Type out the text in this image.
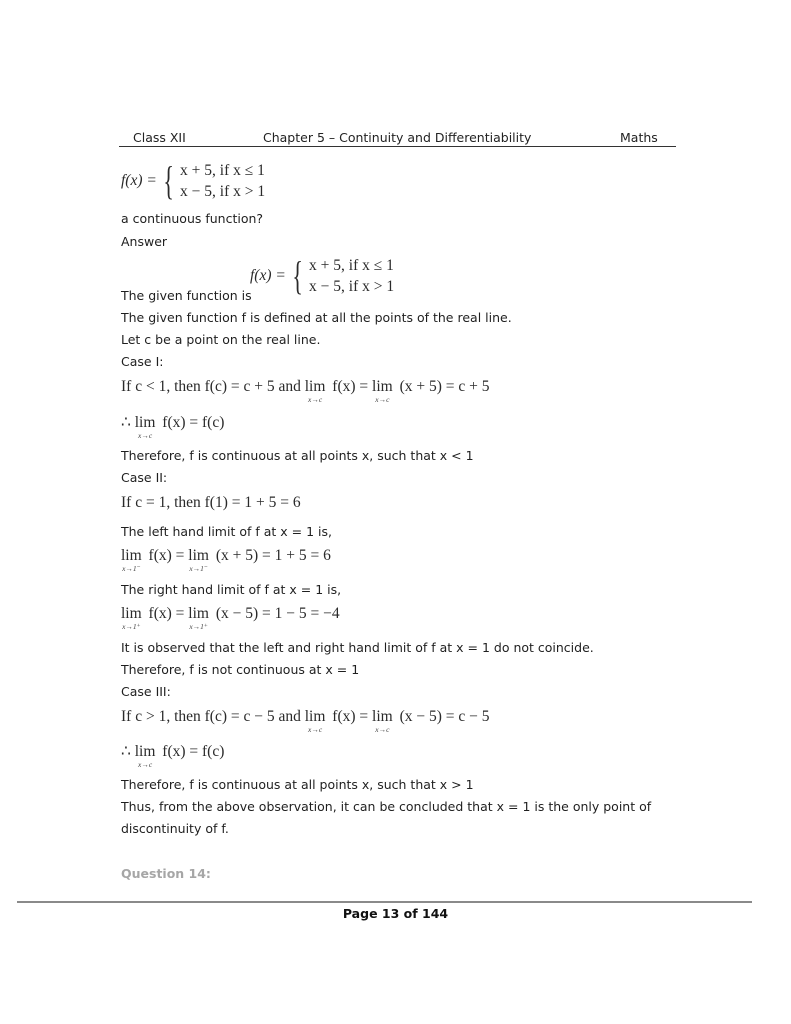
Class XII	Chapter 5 – Continuity and Differentiability	Maths
f(x) = { x + 5, if x ≤ 1
x − 5, if x > 1
a continuous function?
Answer
The given function is
f(x) = { x + 5, if x ≤ 1
x − 5, if x > 1
The given function f is defined at all the points of the real line.
Let c be a point on the real line.
Case I:
If c < 1, then f(c) = c + 5 and lim
x→c
f(x) = lim
x→c
(x + 5) = c + 5
∴ lim
x→c
f(x) = f(c)
Therefore, f is continuous at all points x, such that x < 1
Case II:
If c = 1, then f(1) = 1 + 5 = 6
The left hand limit of f at x = 1 is,
lim
x→1⁻
f(x) = lim
x→1⁻
(x + 5) = 1 + 5 = 6
The right hand limit of f at x = 1 is,
lim
x→1⁺
f(x) = lim
x→1⁺
(x − 5) = 1 − 5 = −4
It is observed that the left and right hand limit of f at x = 1 do not coincide.
Therefore, f is not continuous at x = 1
Case III:
If c > 1, then f(c) = c − 5 and lim
x→c
f(x) = lim
x→c
(x − 5) = c − 5
∴ lim
x→c
f(x) = f(c)
Therefore, f is continuous at all points x, such that x > 1
Thus, from the above observation, it can be concluded that x = 1 is the only point of
discontinuity of f.
Question 14:
Page 13 of 144
